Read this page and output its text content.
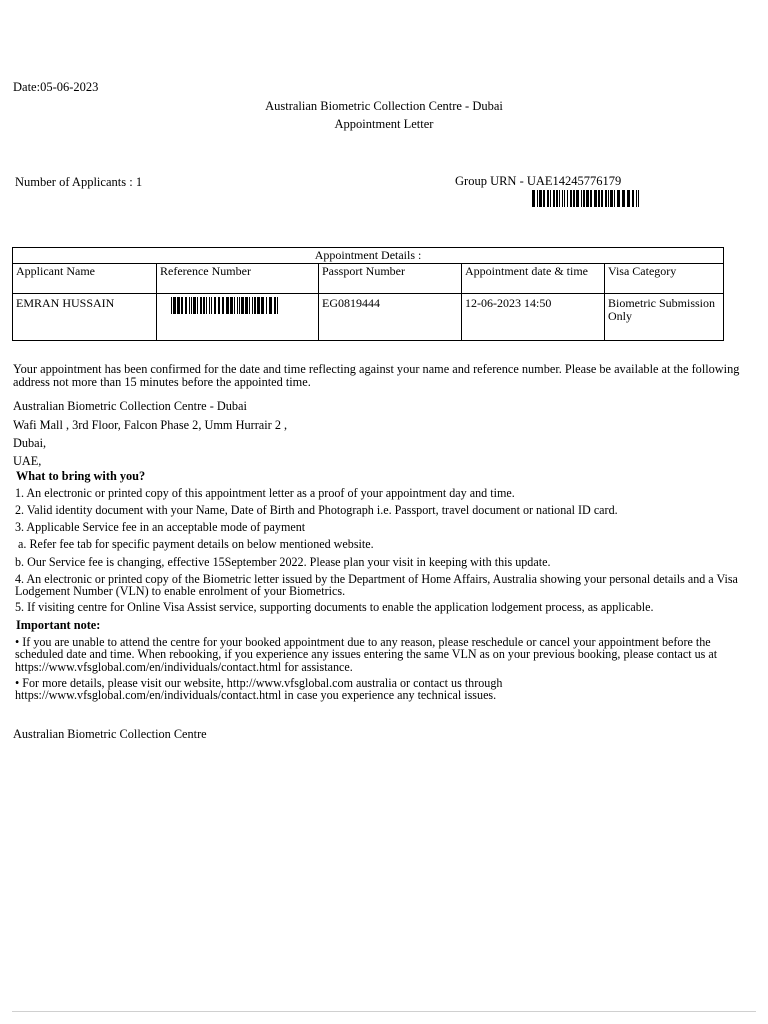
Date:05-06-2023
Australian Biometric Collection Centre - Dubai
Appointment Letter
Number of Applicants : 1	Group URN - UAE14245776179
Appointment Details :				
Applicant Name	Reference Number	Passport Number	Appointment date & time	Visa Category
EMRAN HUSSAIN		EG0819444	12-06-2023 14:50	Biometric Submission Only
Your appointment has been confirmed for the date and time reflecting against your name and reference number. Please be available at the following address not more than 15 minutes before the appointed time.
Australian Biometric Collection Centre - Dubai
Wafi Mall , 3rd Floor, Falcon Phase 2, Umm Hurrair 2 ,
Dubai,
UAE,
What to bring with you?
1. An electronic or printed copy of this appointment letter as a proof of your appointment day and time.
2. Valid identity document with your Name, Date of Birth and Photograph i.e. Passport, travel document or national ID card.
3. Applicable Service fee in an acceptable mode of payment
a. Refer fee tab for specific payment details on below mentioned website.
b. Our Service fee is changing, effective 15September 2022. Please plan your visit in keeping with this update.
4. An electronic or printed copy of the Biometric letter issued by the Department of Home Affairs, Australia showing your personal details and a Visa Lodgement Number (VLN) to enable enrolment of your Biometrics.
5. If visiting centre for Online Visa Assist service, supporting documents to enable the application lodgement process, as applicable.
Important note:
• If you are unable to attend the centre for your booked appointment due to any reason, please reschedule or cancel your appointment before the scheduled date and time. When rebooking, if you experience any issues entering the same VLN as on your previous booking, please contact us at https://www.vfsglobal.com/en/individuals/contact.html for assistance.
• For more details, please visit our website, http://www.vfsglobal.com australia or contact us through https://www.vfsglobal.com/en/individuals/contact.html in case you experience any technical issues.
Australian Biometric Collection Centre
